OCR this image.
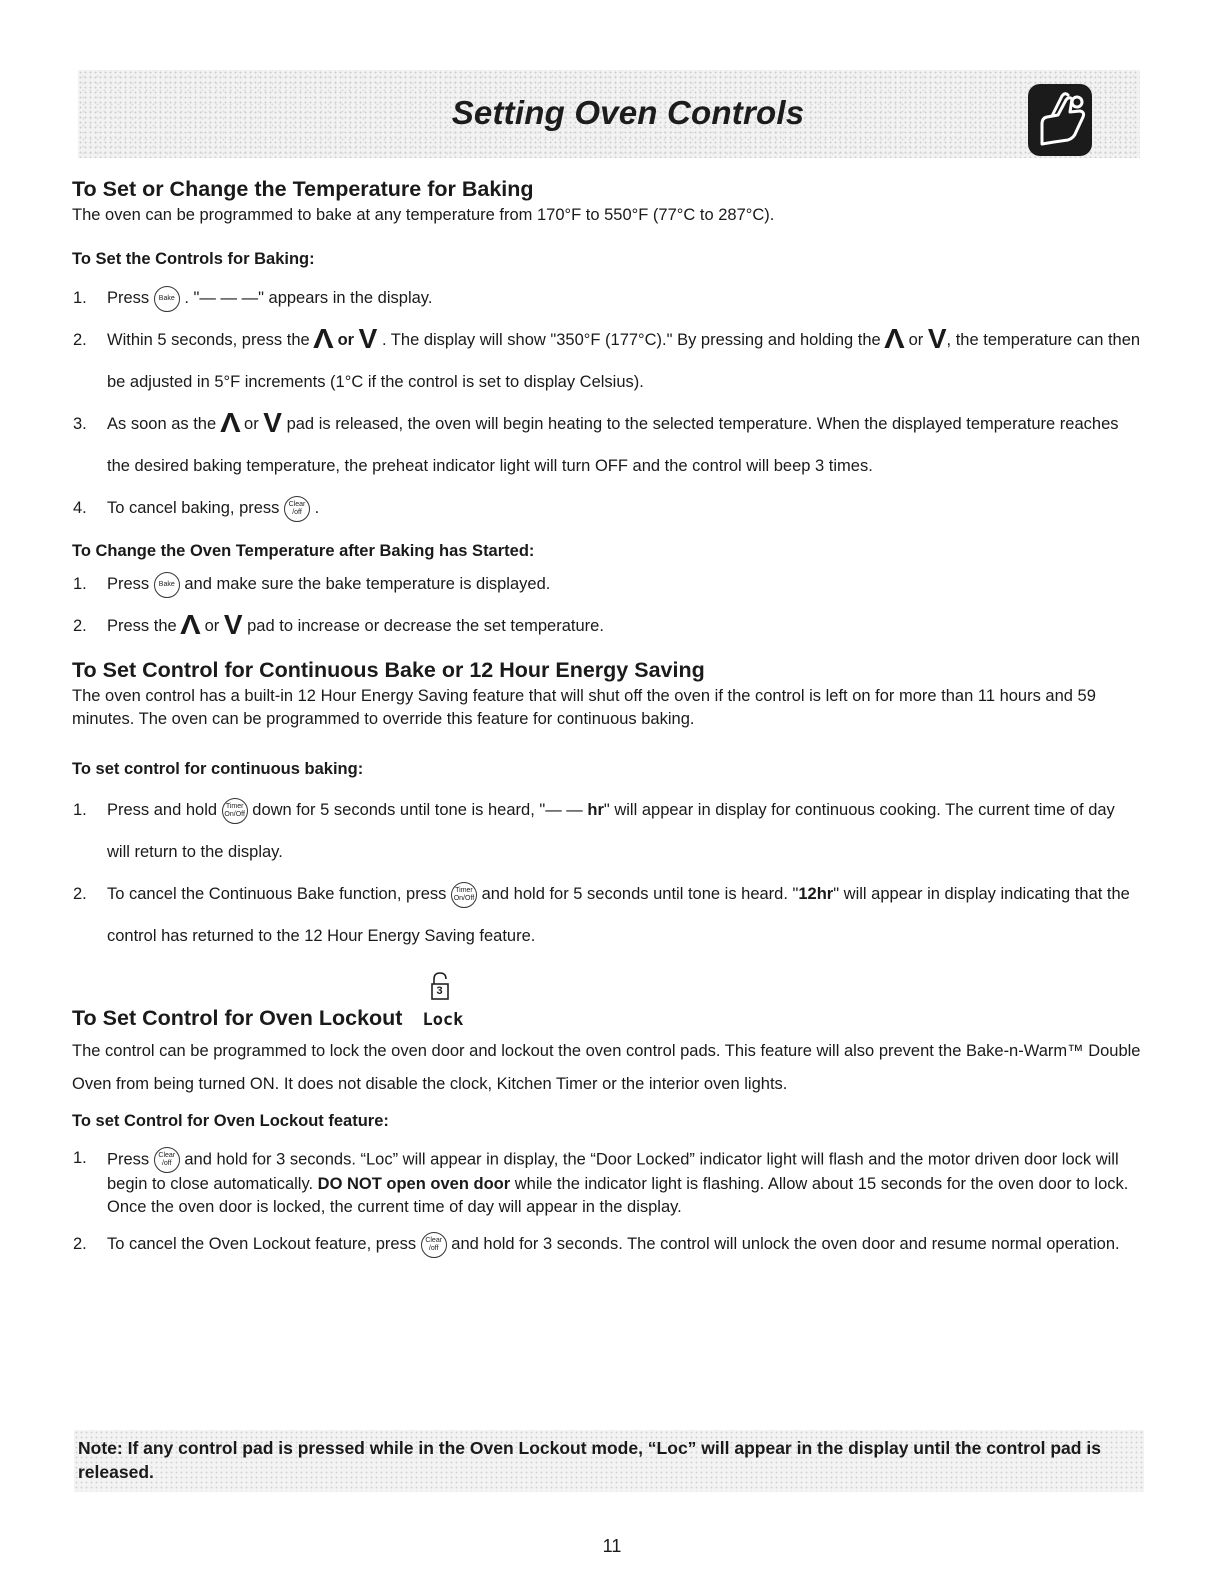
Setting Oven Controls
To Set or Change the Temperature for Baking

The oven can be programmed to bake at any temperature from 170°F to 550°F (77°C to 287°C).

To Set the Controls for Baking:
1. Press Bake . "— — —" appears in the display.
2. Within 5 seconds, press the Λ or V . The display will show "350°F (177°C)." By pressing and holding the Λ or V, the temperature can then be adjusted in 5°F increments (1°C if the control is set to display Celsius).
3. As soon as the Λ or V pad is released, the oven will begin heating to the selected temperature. When the displayed temperature reaches the desired baking temperature, the preheat indicator light will turn OFF and the control will beep 3 times.
4. To cancel baking, press Clear
/off .
To Change the Oven Temperature after Baking has Started:
1. Press Bake and make sure the bake temperature is displayed.
2. Press the Λ or V pad to increase or decrease the set temperature.
To Set Control for Continuous Bake or 12 Hour Energy Saving

The oven control has a built-in 12 Hour Energy Saving feature that will shut off the oven if the control is left on for more than 11 hours and 59 minutes. The oven can be programmed to override this feature for continuous baking.

To set control for continuous baking:
1. Press and hold Timer
On/Off down for 5 seconds until tone is heard, "— — hr" will appear in display for continuous cooking. The current time of day will return to the display.
2. To cancel the Continuous Bake function, press Timer
On/Off and hold for 5 seconds until tone is heard. "12hr" will appear in display indicating that the control has returned to the 12 Hour Energy Saving feature.
To Set Control for Oven Lockout
3
Lock

The control can be programmed to lock the oven door and lockout the oven control pads. This feature will also prevent the Bake-n-Warm™ Double Oven from being turned ON. It does not disable the clock, Kitchen Timer or the interior oven lights.

To set Control for Oven Lockout feature:
1. Press Clear
/off and hold for 3 seconds. “Loc” will appear in display, the “Door Locked” indicator light will flash and the motor driven door lock will begin to close automatically. DO NOT open oven door while the indicator light is flashing. Allow about 15 seconds for the oven door to lock. Once the oven door is locked, the current time of day will appear in the display.
2. To cancel the Oven Lockout feature, press Clear
/off and hold for 3 seconds. The control will unlock the oven door and resume normal operation.
Note: If any control pad is pressed while in the Oven Lockout mode, “Loc” will appear in the display until the control pad is released.
11
